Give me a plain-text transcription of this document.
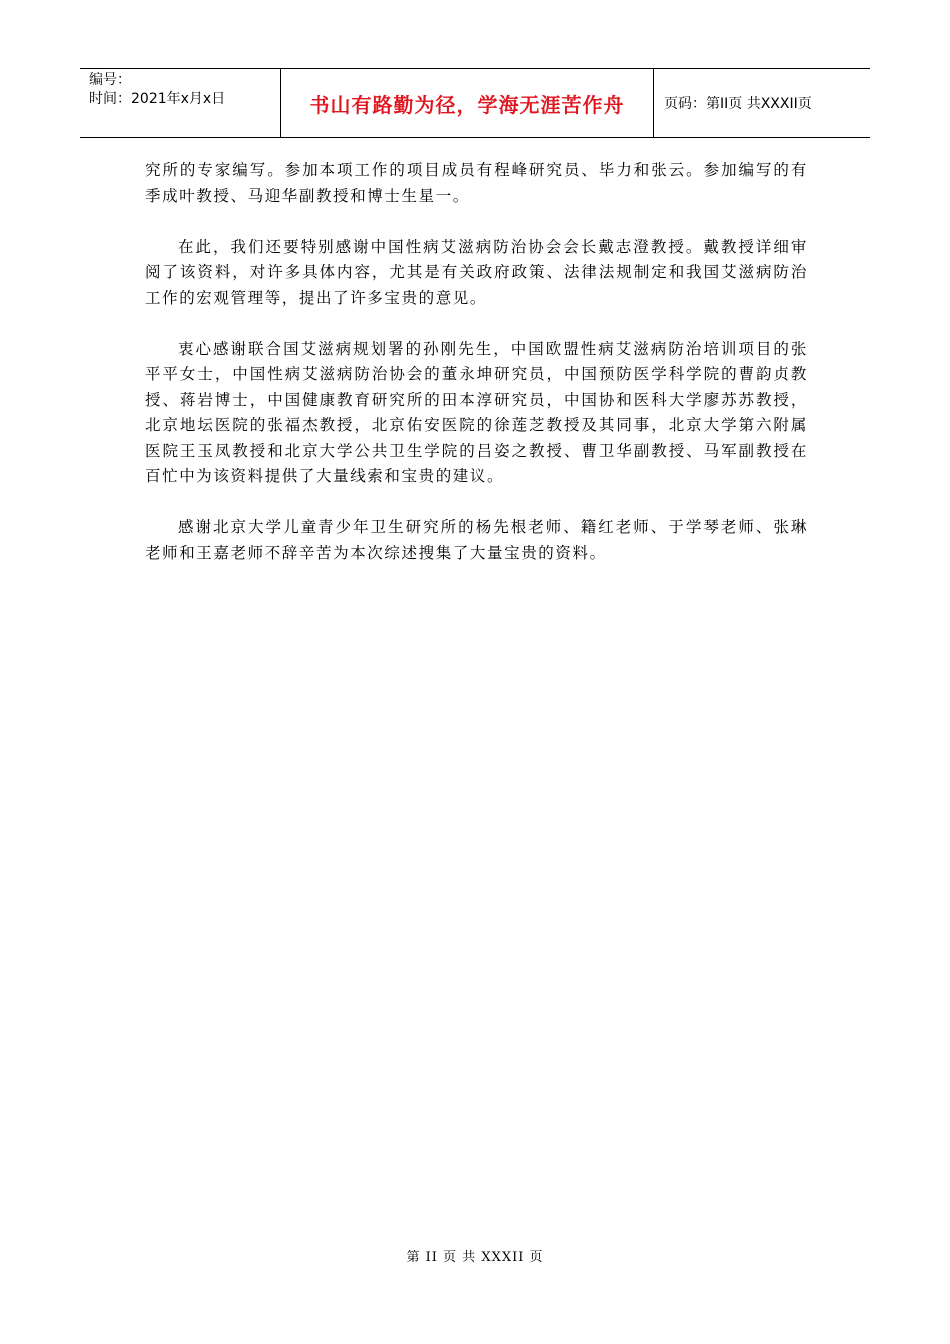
编号：
时间：2021年x月x日	书山有路勤为径，学海无涯苦作舟	页码：第II页 共XXXII页

究所的专家编写。参加本项工作的项目成员有程峰研究员、毕力和张云。参加编写的有季成叶教授、马迎华副教授和博士生星一。

在此，我们还要特别感谢中国性病艾滋病防治协会会长戴志澄教授。戴教授详细审阅了该资料，对许多具体内容，尤其是有关政府政策、法律法规制定和我国艾滋病防治工作的宏观管理等，提出了许多宝贵的意见。

衷心感谢联合国艾滋病规划署的孙刚先生，中国欧盟性病艾滋病防治培训项目的张平平女士，中国性病艾滋病防治协会的董永坤研究员，中国预防医学科学院的曹韵贞教授、蒋岩博士，中国健康教育研究所的田本淳研究员，中国协和医科大学廖苏苏教授，北京地坛医院的张福杰教授，北京佑安医院的徐莲芝教授及其同事，北京大学第六附属医院王玉凤教授和北京大学公共卫生学院的吕姿之教授、曹卫华副教授、马军副教授在百忙中为该资料提供了大量线索和宝贵的建议。

感谢北京大学儿童青少年卫生研究所的杨先根老师、籍红老师、于学琴老师、张琳老师和王嘉老师不辞辛苦为本次综述搜集了大量宝贵的资料。

第 II 页 共 XXXII 页
